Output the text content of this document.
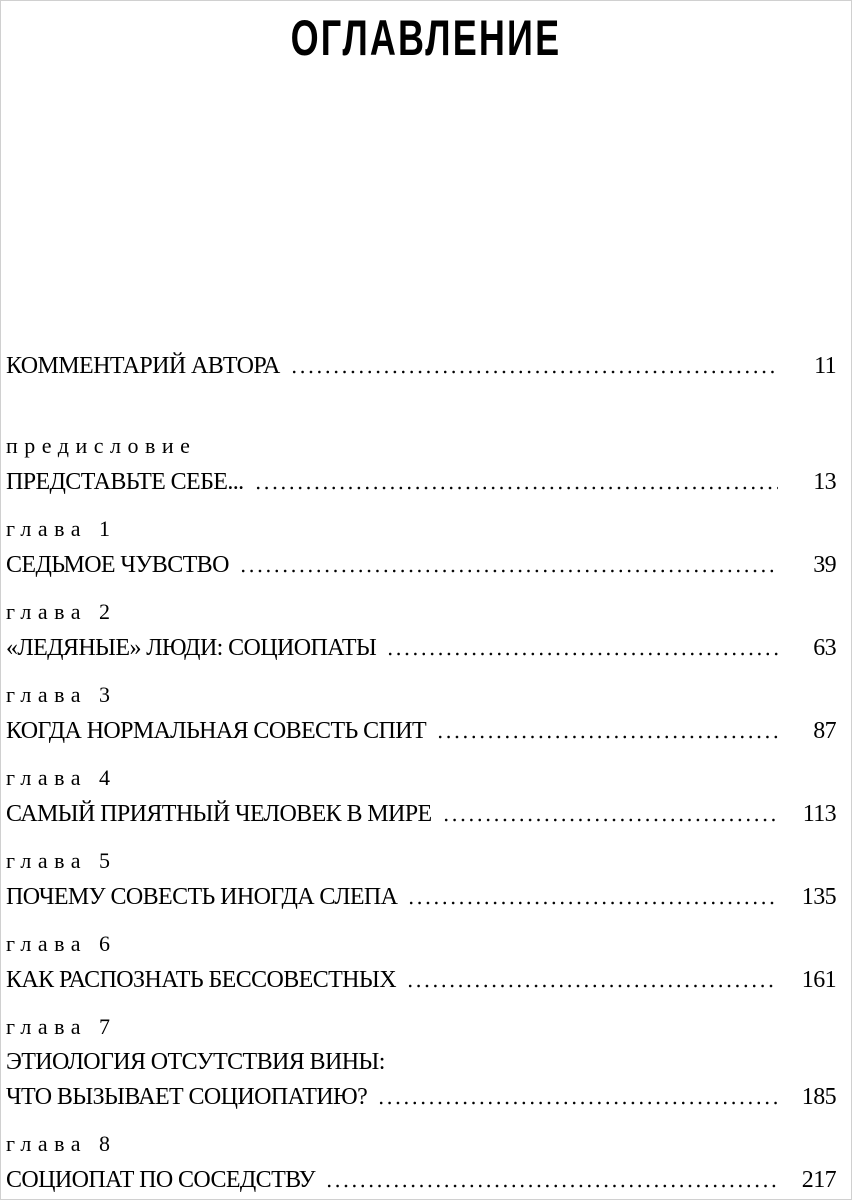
ОГЛАВЛЕНИЕ
КОММЕНТАРИЙ АВТОРА	11
предисловие
ПРЕДСТАВЬТЕ СЕБЕ...	13
глава 1
СЕДЬМОЕ ЧУВСТВО	39
глава 2
«ЛЕДЯНЫЕ» ЛЮДИ: СОЦИОПАТЫ	63
глава 3
КОГДА НОРМАЛЬНАЯ СОВЕСТЬ СПИТ	87
глава 4
САМЫЙ ПРИЯТНЫЙ ЧЕЛОВЕК В МИРЕ	113
глава 5
ПОЧЕМУ СОВЕСТЬ ИНОГДА СЛЕПА	135
глава 6
КАК РАСПОЗНАТЬ БЕССОВЕСТНЫХ	161
глава 7
ЭТИОЛОГИЯ ОТСУТСТВИЯ ВИНЫ:
ЧТО ВЫЗЫВАЕТ СОЦИОПАТИЮ?	185
глава 8
СОЦИОПАТ ПО СОСЕДСТВУ	217
